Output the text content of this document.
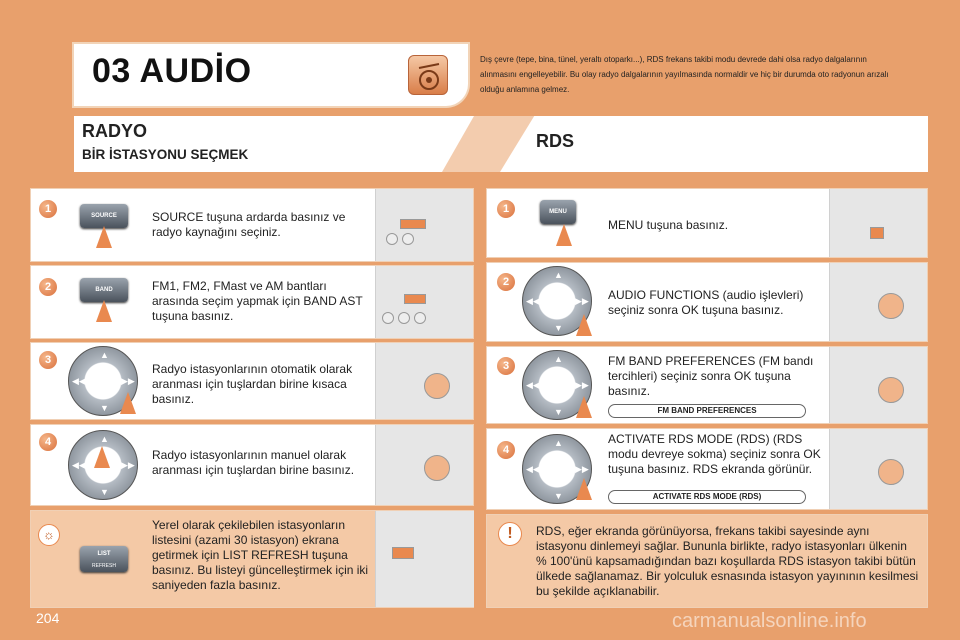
03 AUDİO	Dış çevre (tepe, bina, tünel, yeraltı otoparkı...), RDS frekans takibi modu devrede dahi olsa radyo dalgalarının alınmasını engelleyebilir. Bu olay radyo dalgalarının yayılmasında normaldir ve hiç bir durumda oto radyonun arızalı olduğu anlamına gelmez.
RADYO
BİR İSTASYONU SEÇMEK
RDS
1
SOURCE	SOURCE tuşuna ardarda basınız ve radyo kaynağını seçiniz.
2	BAND	FM1, FM2, FMast ve AM bantları arasında seçim yapmak için BAND AST tuşuna basınız.
3	▲
▼
◀◀	▶▶
Radyo istasyonlarının otomatik olarak aranması için tuşlardan birine kısaca basınız.
4	▲
▼
◀◀	▶▶
Radyo istasyonlarının manuel olarak aranması için tuşlardan birine basınız.
☼
LIST
REFRESH
Yerel olarak çekilebilen istasyonların listesini (azami 30 istasyon) ekrana getirmek için LIST REFRESH tuşuna basınız. Bu listeyi güncelleştirmek için iki saniyeden fazla basınız.
1	MENU
MENU tuşuna basınız.
2
▲
▼
◀◀	▶▶ AUDIO FUNCTIONS (audio işlevleri) seçiniz sonra OK tuşuna basınız.
3
▲
▼
◀◀	▶▶
FM BAND PREFERENCES (FM bandı tercihleri) seçiniz sonra OK tuşuna basınız.
FM BAND PREFERENCES
4
▲
▼
◀◀	▶▶
ACTIVATE RDS MODE (RDS) (RDS modu devreye sokma) seçiniz sonra OK tuşuna basınız. RDS ekranda görünür.
ACTIVATE RDS MODE (RDS)
!	RDS, eğer ekranda görünüyorsa, frekans takibi sayesinde aynı istasyonu dinlemeyi sağlar. Bununla birlikte, radyo istasyonları ülkenin % 100'ünü kapsamadığından bazı koşullarda RDS istasyon takibi bütün ülkede sağlanamaz. Bir yolculuk esnasında istasyon yayınının kesilmesi bu şekilde açıklanabilir.
204	carmanualsonline.info
